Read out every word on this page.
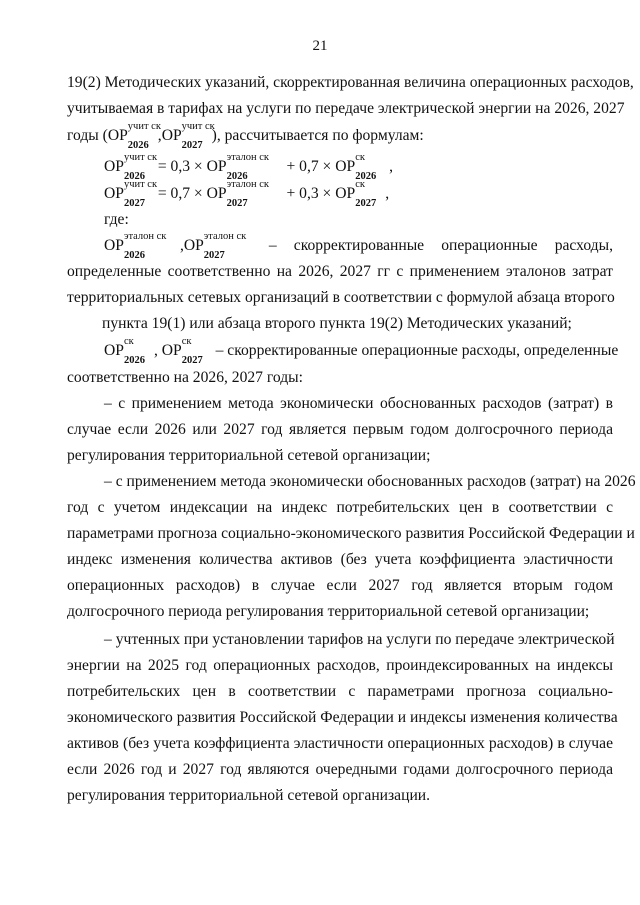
21
19(2) Методических указаний, скорректированная величина операционных расходов,
учитываемая в тарифах на услуги по передаче электрической энергии на 2026, 2027
годы (ОР
учит ск
2026
,ОР
учит ск
2027
), рассчитывается по формулам:
ОР
учит ск
2026
= 0,3 × ОР
эталон ск
2026
+ 0,7 × ОР
ск
2026
,
ОР
учит ск
2027
= 0,7 × ОР
эталон ск
2027
+ 0,3 × ОР
ск
2027
,
где:
ОР
эталон ск
2026
,ОР
эталон ск
2027
– скорректированные операционные расходы,
определенные соответственно на 2026, 2027 гг с применением эталонов затрат
территориальных сетевых организаций в соответствии с формулой абзаца второго
пункта 19(1) или абзаца второго пункта 19(2) Методических указаний;
ОР
ск
2026
, ОР
ск
2027
– скорректированные операционные расходы, определенные
соответственно на 2026, 2027 годы:
– с применением метода экономически обоснованных расходов (затрат) в
случае если 2026 или 2027 год является первым годом долгосрочного периода
регулирования территориальной сетевой организации;
– с применением метода экономически обоснованных расходов (затрат) на 2026
год с учетом индексации на индекс потребительских цен в соответствии с
параметрами прогноза социально-экономического развития Российской Федерации и
индекс изменения количества активов (без учета коэффициента эластичности
операционных расходов) в случае если 2027 год является вторым годом
долгосрочного периода регулирования территориальной сетевой организации;
– учтенных при установлении тарифов на услуги по передаче электрической
энергии на 2025 год операционных расходов, проиндексированных на индексы
потребительских цен в соответствии с параметрами прогноза социально-
экономического развития Российской Федерации и индексы изменения количества
активов (без учета коэффициента эластичности операционных расходов) в случае
если 2026 год и 2027 год являются очередными годами долгосрочного периода
регулирования территориальной сетевой организации.
